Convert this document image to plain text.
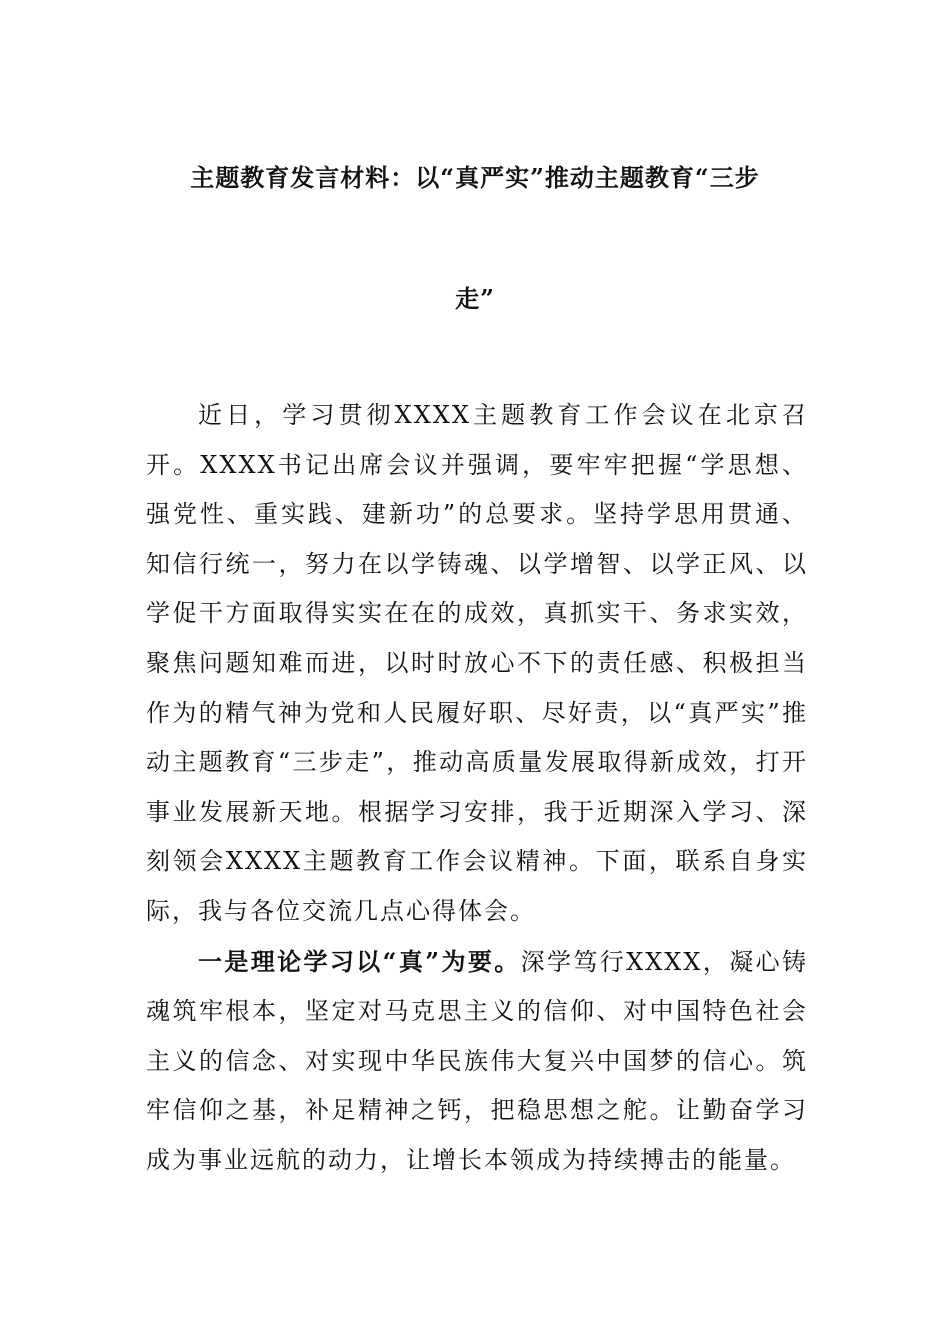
主题教育发言材料：以“真严实”推动主题教育“三步
走”

近日，学习贯彻XXXX主题教育工作会议在北京召开。XXXX书记出席会议并强调，要牢牢把握“学思想、强党性、重实践、建新功”的总要求。坚持学思用贯通、知信行统一，努力在以学铸魂、以学增智、以学正风、以学促干方面取得实实在在的成效，真抓实干、务求实效，聚焦问题知难而进，以时时放心不下的责任感、积极担当作为的精气神为党和人民履好职、尽好责，以“真严实”推动主题教育“三步走”，推动高质量发展取得新成效，打开事业发展新天地。根据学习安排，我于近期深入学习、深刻领会XXXX主题教育工作会议精神。下面，联系自身实际，我与各位交流几点心得体会。

一是理论学习以“真”为要。深学笃行XXXX，凝心铸魂筑牢根本，坚定对马克思主义的信仰、对中国特色社会主义的信念、对实现中华民族伟大复兴中国梦的信心。筑牢信仰之基，补足精神之钙，把稳思想之舵。让勤奋学习成为事业远航的动力，让增长本领成为持续搏击的能量。
